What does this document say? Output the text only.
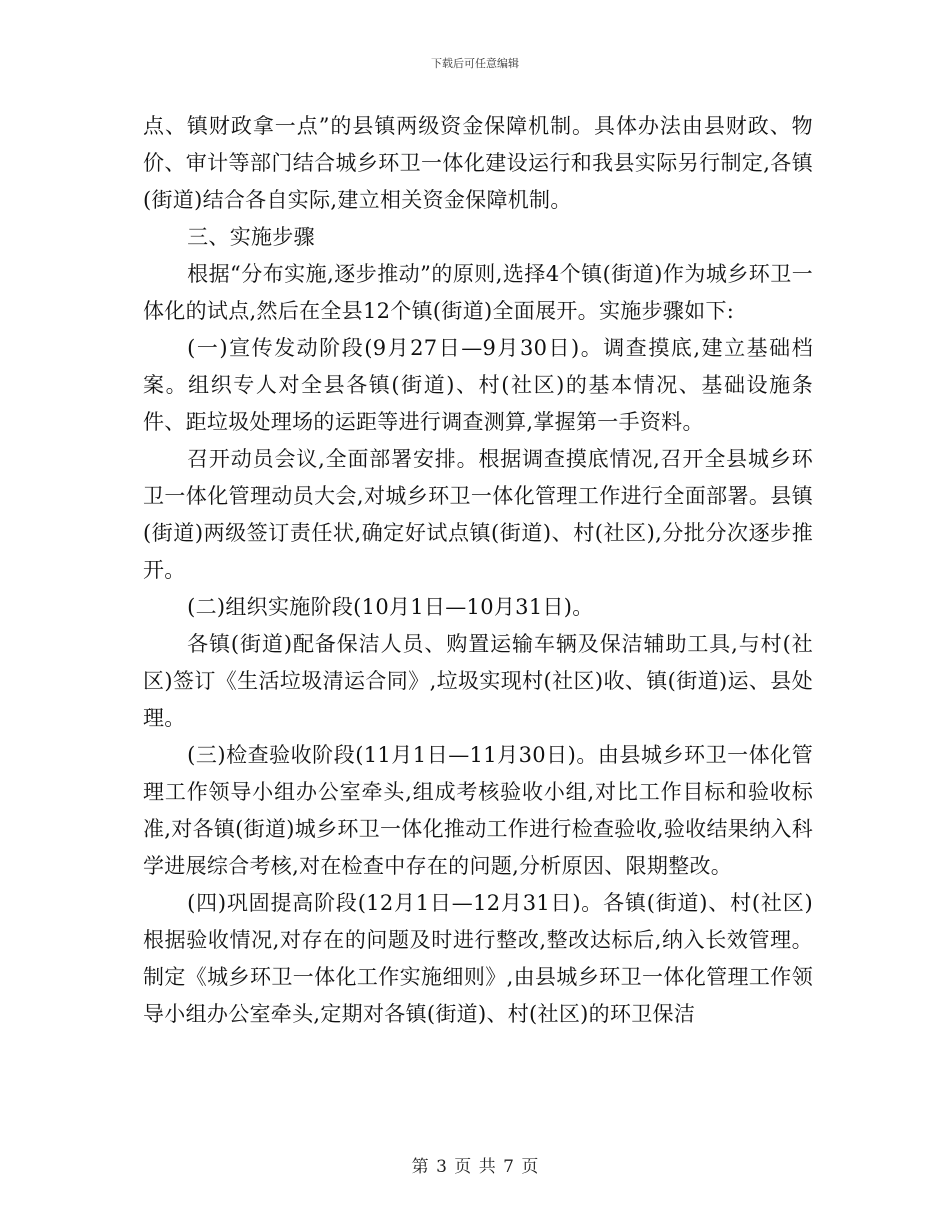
下载后可任意编辑

点、镇财政拿一点”的县镇两级资金保障机制。具体办法由县财政、物价、审计等部门结合城乡环卫一体化建设运行和我县实际另行制定,各镇(街道)结合各自实际,建立相关资金保障机制。

三、实施步骤

根据“分布实施,逐步推动”的原则,选择4个镇(街道)作为城乡环卫一体化的试点,然后在全县12个镇(街道)全面展开。实施步骤如下:

(一)宣传发动阶段(9月27日—9月30日)。调查摸底,建立基础档案。组织专人对全县各镇(街道)、村(社区)的基本情况、基础设施条件、距垃圾处理场的运距等进行调查测算,掌握第一手资料。

召开动员会议,全面部署安排。根据调查摸底情况,召开全县城乡环卫一体化管理动员大会,对城乡环卫一体化管理工作进行全面部署。县镇(街道)两级签订责任状,确定好试点镇(街道)、村(社区),分批分次逐步推开。

(二)组织实施阶段(10月1日—10月31日)。

各镇(街道)配备保洁人员、购置运输车辆及保洁辅助工具,与村(社区)签订《生活垃圾清运合同》,垃圾实现村(社区)收、镇(街道)运、县处理。

(三)检查验收阶段(11月1日—11月30日)。由县城乡环卫一体化管理工作领导小组办公室牵头,组成考核验收小组,对比工作目标和验收标准,对各镇(街道)城乡环卫一体化推动工作进行检查验收,验收结果纳入科学进展综合考核,对在检查中存在的问题,分析原因、限期整改。

(四)巩固提高阶段(12月1日—12月31日)。各镇(街道)、村(社区)根据验收情况,对存在的问题及时进行整改,整改达标后,纳入长效管理。制定《城乡环卫一体化工作实施细则》,由县城乡环卫一体化管理工作领导小组办公室牵头,定期对各镇(街道)、村(社区)的环卫保洁

第 3 页 共 7 页
